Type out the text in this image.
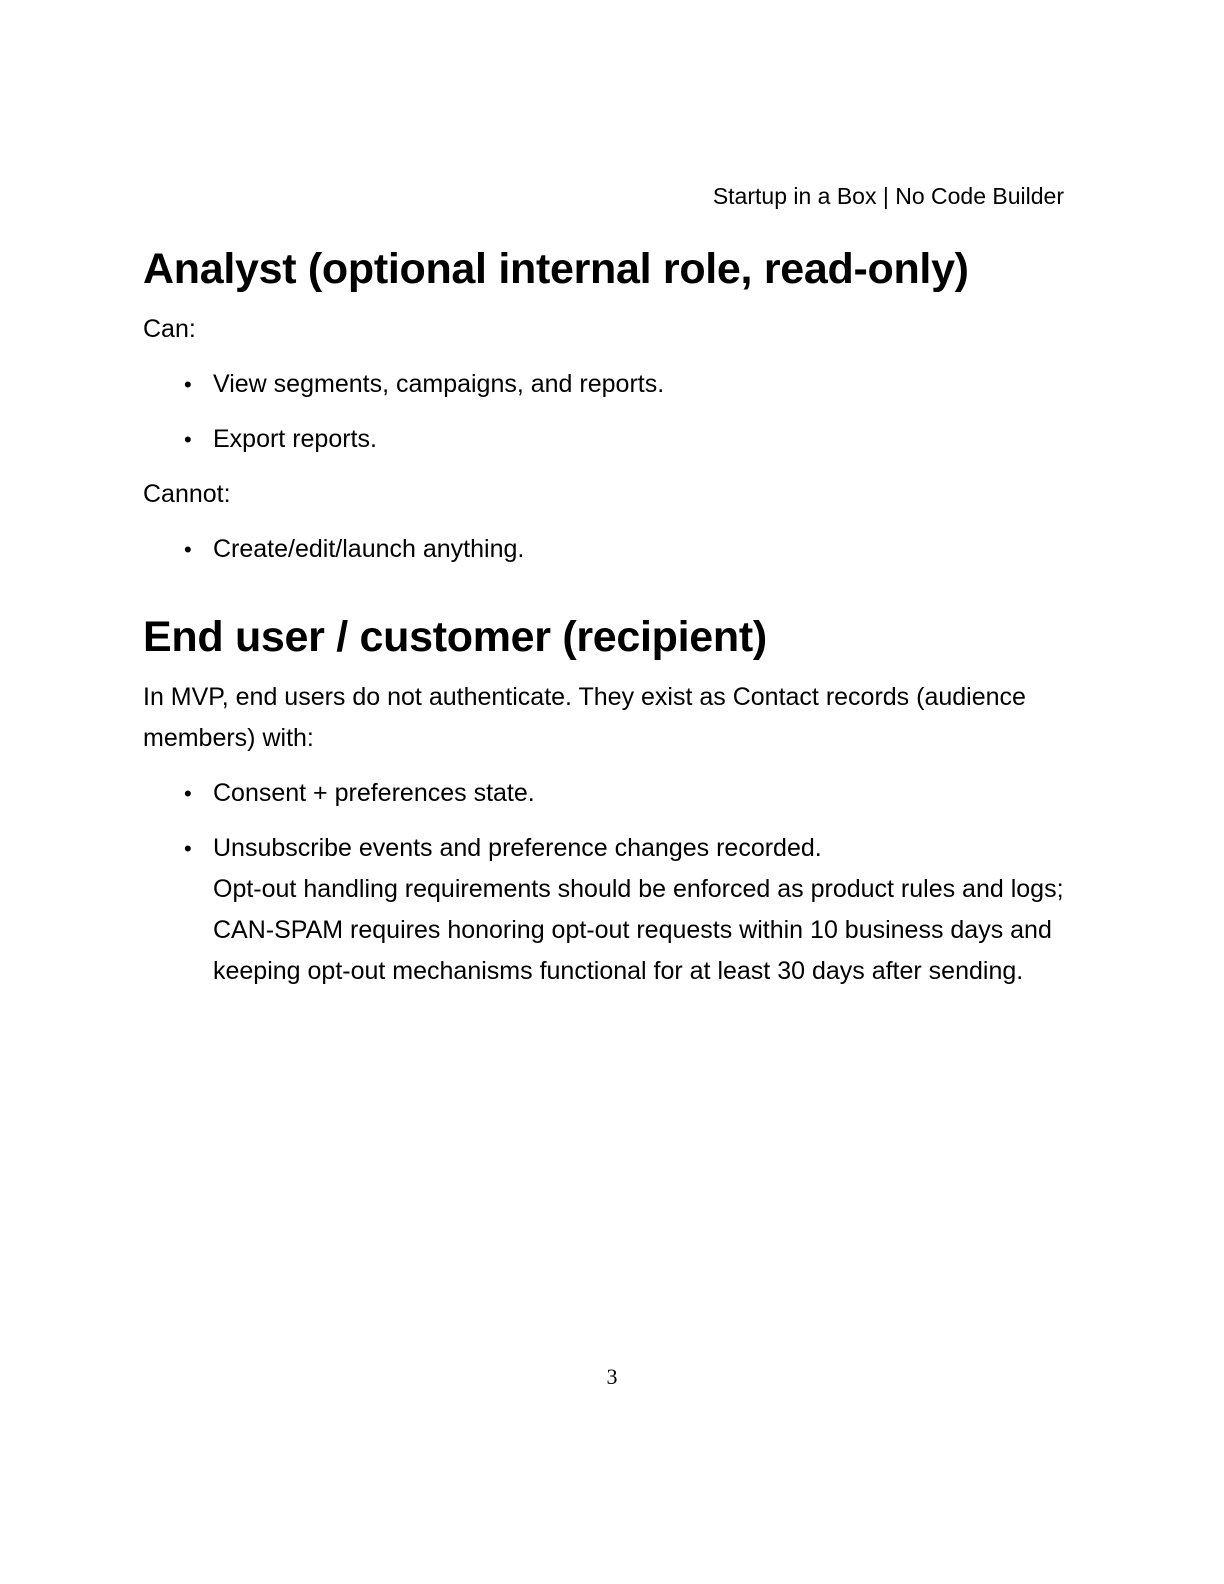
Startup in a Box | No Code Builder
Analyst (optional internal role, read-only)

Can:

• View segments, campaigns, and reports.
• Export reports.

Cannot:

• Create/edit/launch anything.
End user / customer (recipient)

In MVP, end users do not authenticate. They exist as Contact records (audience members) with:

• Consent + preferences state.
• Unsubscribe events and preference changes recorded.
Opt-out handling requirements should be enforced as product rules and logs; CAN-SPAM requires honoring opt-out requests within 10 business days and keeping opt-out mechanisms functional for at least 30 days after sending.
3
